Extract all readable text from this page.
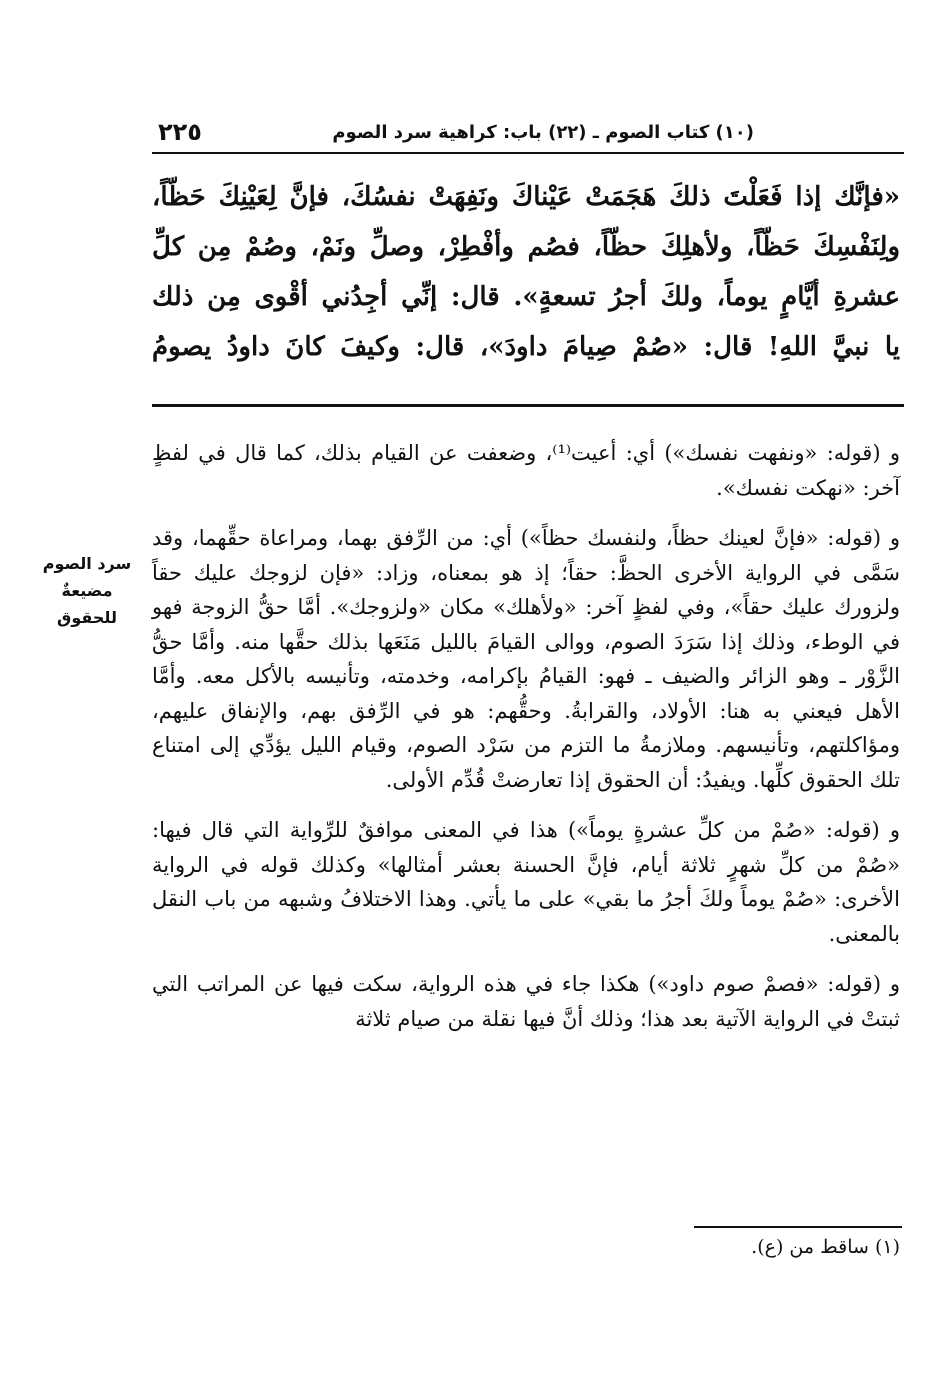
٢٢٥	(١٠) كتاب الصوم ـ (٢٢) باب: كراهية سرد الصوم
«فإنَّك إذا فَعَلْتَ ذلكَ هَجَمَتْ عَيْناكَ ونَفِهَتْ نفسُكَ، فإنَّ لِعَيْنِكَ حَظّاً،
ولِنَفْسِكَ حَظّاً، ولأهلِكَ حظّاً، فصُم وأفْطِرْ، وصلِّ ونَمْ، وصُمْ مِن كلِّ
عشرةِ أيَّامٍ يوماً، ولكَ أجرُ تسعةٍ». قال: إنِّي أجِدُني أقْوى مِن ذلك
يا نبيَّ اللهِ! قال: «صُمْ صِيامَ داودَ»، قال: وكيفَ كانَ داودُ يصومُ
سرد الصوم
مضيعةٌ
للحقوق

و (قوله: «ونفهت نفسك») أي: أعيت⁽¹⁾، وضعفت عن القيام بذلك، كما قال في لفظٍ آخر: «نهكت نفسك».

و (قوله: «فإنَّ لعينك حظاً، ولنفسك حظاً») أي: من الرِّفق بهما، ومراعاة حقِّهما، وقد سَمَّى في الرواية الأخرى الحظَّ: حقاً؛ إذ هو بمعناه، وزاد: «فإن لزوجك عليك حقاً ولزورك عليك حقاً»، وفي لفظٍ آخر: «ولأهلك» مكان «ولزوجك». أمَّا حقُّ الزوجة فهو في الوطء، وذلك إذا سَرَدَ الصوم، ووالى القيامَ بالليل مَنَعَها بذلك حقَّها منه. وأمَّا حقُّ الزَّوْر ـ وهو الزائر والضيف ـ فهو: القيامُ بإكرامه، وخدمته، وتأنيسه بالأكل معه. وأمَّا الأهل فيعني به هنا: الأولاد، والقرابةُ. وحقُّهم: هو في الرِّفق بهم، والإنفاق عليهم، ومؤاكلتهم، وتأنيسهم. وملازمةُ ما التزم من سَرْد الصوم، وقيام الليل يؤدِّي إلى امتناع تلك الحقوق كلِّها. ويفيدُ: أن الحقوق إذا تعارضتْ قُدِّم الأولى.

و (قوله: «صُمْ من كلِّ عشرةٍ يوماً») هذا في المعنى موافقٌ للرِّواية التي قال فيها: «صُمْ من كلِّ شهرٍ ثلاثة أيام، فإنَّ الحسنة بعشر أمثالها» وكذلك قوله في الرواية الأخرى: «صُمْ يوماً ولكَ أجرُ ما بقي» على ما يأتي. وهذا الاختلافُ وشبهه من باب النقل بالمعنى.

و (قوله: «فصمْ صوم داود») هكذا جاء في هذه الرواية، سكت فيها عن المراتب التي ثبتتْ في الرواية الآتية بعد هذا؛ وذلك أنَّ فيها نقلة من صيام ثلاثة

(١) ساقط من (ع).
